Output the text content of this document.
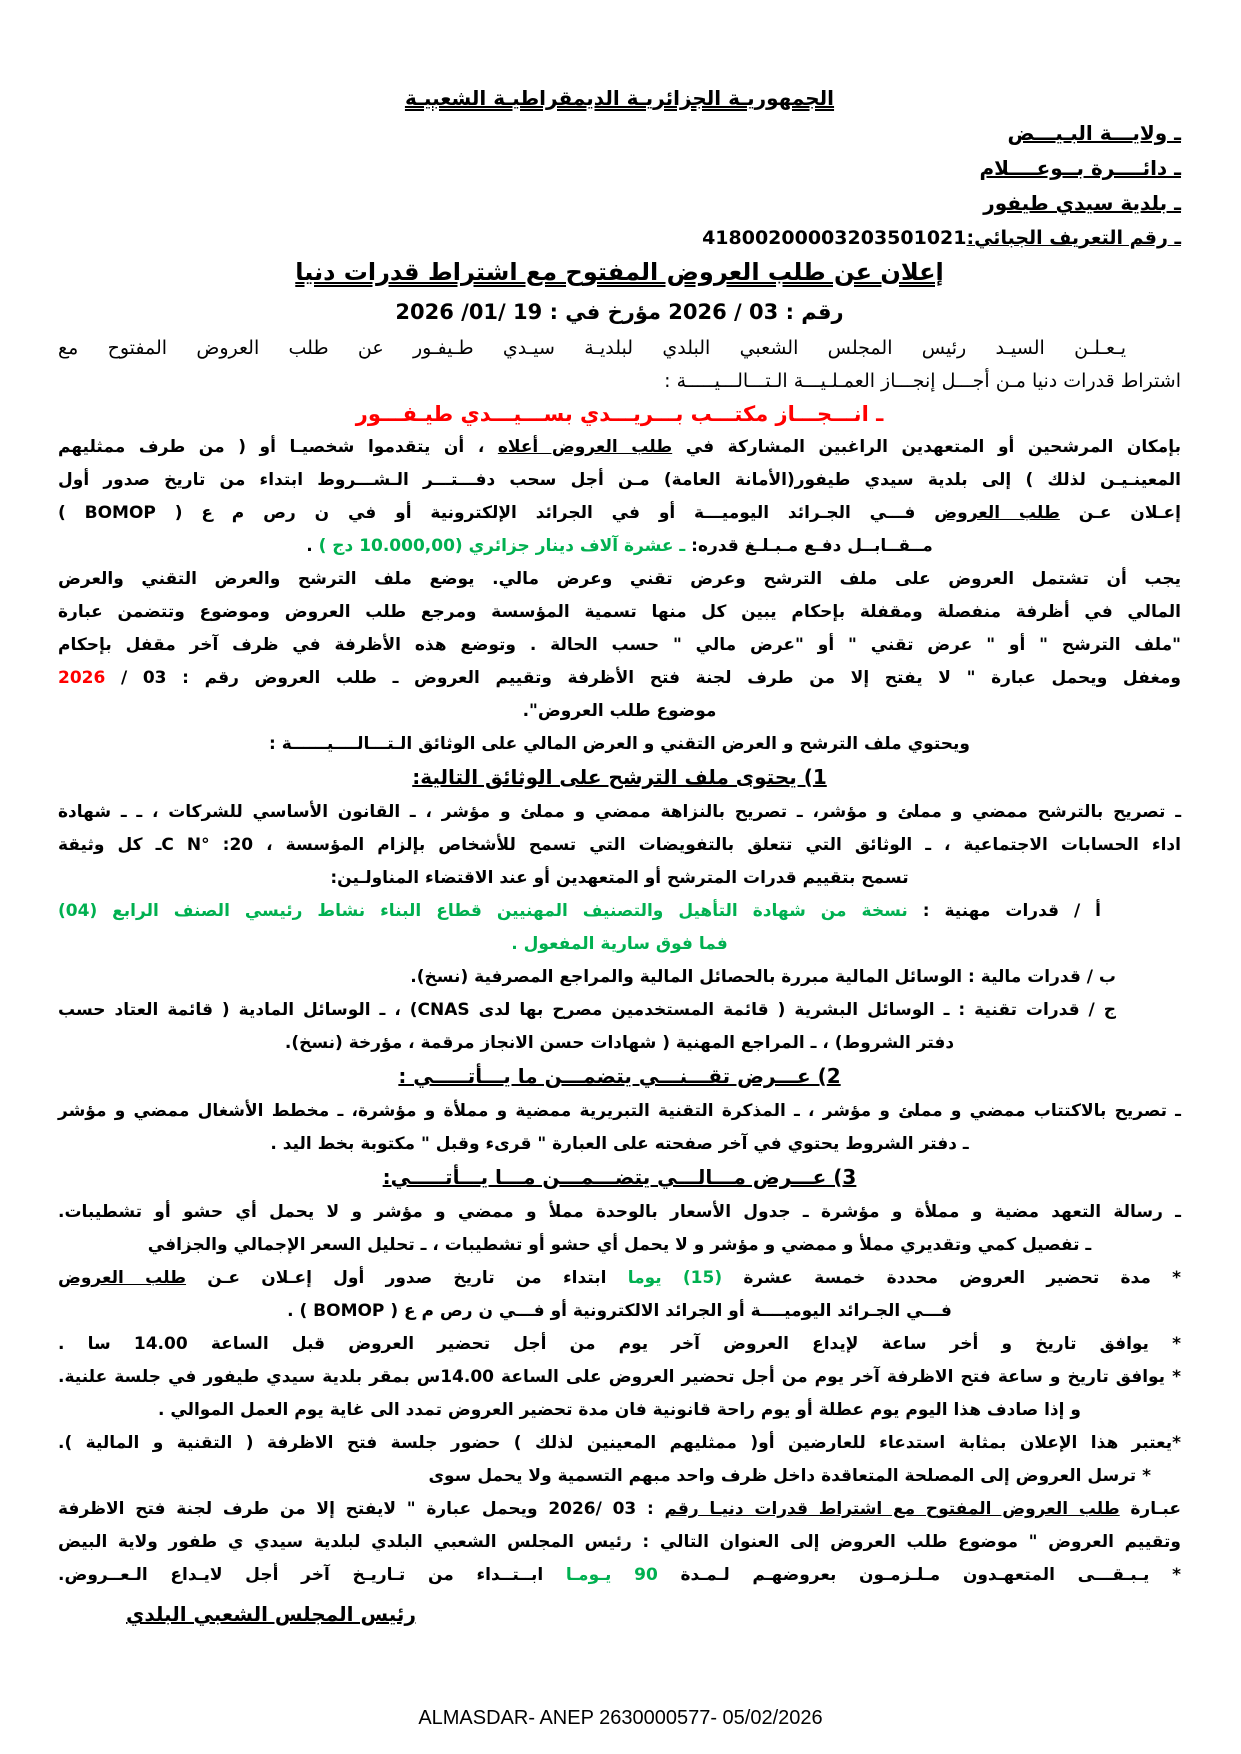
الجمهوريـة الجزائريـة الديمقراطيـة الشعبيـة
ـ ولايـــة البـيـــض
ـ دائــــرة بــوعــــلام
ـ بلدية سيدي طيفور
ـ رقم التعريف الجبائي:41800200003203501021
إعلان عن طلب العروض المفتوح مع اشتراط قدرات دنيا
رقم : 03 / 2026 مؤرخ في : 19 /01/ 2026
يـعـلـن السيـد رئيس المجلس الشعبي البلدي لبلديـة سيـدي طـيفـور عن طلب العروض المفتوح مع
اشتراط قدرات دنيا مـن أجـــل إنجـــاز العمـلـيـــة الـتـــالـــيـــــة :
ـ انـــجـــاز مكتـــب بـــريـــدي بســـيـــدي طيـفـــور
بإمكان المرشحين أو المتعهدين الراغبين المشاركة في طلب العروض أعلاه ، أن يتقدموا شخصيـا أو ( من طرف ممثليهم
المعينـيـن لذلك ) إلى بلدية سيدي طيفور(الأمانة العامة) مـن أجل سحب دفـــتـــر الـشـــروط ابتداء من تاريخ صدور أول
إعـلان عـن طلب العروض فـــي الجـرائد اليوميـــة أو في الجرائد الإلكترونية أو في ن رص م ع ( BOMOP )
مــقــابــل دفـع مـبـلـغ قدره: ـ عشرة آلاف دينار جزائري (10.000,00 دج ) .
يجب أن تشتمل العروض على ملف الترشح وعرض تقني وعرض مالي. يوضع ملف الترشح والعرض التقني والعرض
المالي في أظرفة منفصلة ومقفلة بإحكام يبين كل منها تسمية المؤسسة ومرجع طلب العروض وموضوع وتتضمن عبارة
"ملف الترشح " أو " عرض تقني " أو "عرض مالي " حسب الحالة . وتوضع هذه الأظرفة في ظرف آخر مقفل بإحكام
ومغفل ويحمل عبارة " لا يفتح إلا من طرف لجنة فتح الأظرفة وتقييم العروض ـ طلب العروض رقم : 03 / 2026
موضوع طلب العروض".
ويحتوي ملف الترشح و العرض التقني و العرض المالي على الوثائق الـتـــالــــيــــــة :
1) يحتوى ملف الترشح على الوثائق التالية:
ـ تصريح بالترشح ممضي و مملئ و مؤشر، ـ تصريح بالنزاهة ممضي و مملئ و مؤشر ، ـ القانون الأساسي للشركات ، ـ ـ شهادة
اداء الحسابات الاجتماعية ، ـ الوثائق التي تتعلق بالتفويضات التي تسمح للأشخاص بإلزام المؤسسة ، C N° :20ـ كل وثيقة
تسمح بتقييم قدرات المترشح أو المتعهدين أو عند الاقتضاء المناولـين:
أ / قدرات مهنية : نسخة من شهادة التأهيل والتصنيف المهنيين قطاع البناء نشاط رئيسي الصنف الرابع (04)
فما فوق سارية المفعول .
ب / قدرات مالية : الوسائل المالية مبررة بالحصائل المالية والمراجع المصرفية (نسخ).
ج / قدرات تقنية : ـ الوسائل البشرية ( قائمة المستخدمين مصرح بها لدى CNAS) ، ـ الوسائل المادية ( قائمة العتاد حسب
دفتر الشروط) ، ـ المراجع المهنية ( شهادات حسن الانجاز مرقمة ، مؤرخة (نسخ).
2) عـــرض تقـــنـــي يتضمـــن ما يـــأتـــــي :
ـ تصريح بالاكتتاب ممضي و مملئ و مؤشر ، ـ المذكرة التقنية التبريرية ممضية و مملأة و مؤشرة، ـ مخطط الأشغال ممضي و مؤشر
ـ دفتر الشروط يحتوي في آخر صفحته على العبارة " قرىء وقبل " مكتوبة بخط اليد .
3) عـــرض مـــالـــي يتضـــمـــن مـــا يـــأتـــــي:
ـ رسالة التعهد مضية و مملأة و مؤشرة ـ جدول الأسعار بالوحدة مملأ و ممضي و مؤشر و لا يحمل أي حشو أو تشطيبات.
ـ تفصيل كمي وتقديري مملأ و ممضي و مؤشر و لا يحمل أي حشو أو تشطيبات ، ـ تحليل السعر الإجمالي والجزافي
* مدة تحضير العروض محددة خمسة عشرة (15) يوما ابتداء من تاريخ صدور أول إعـلان عـن طلب العروض
فـــي الجـرائد اليوميــــة أو الجرائد الالكترونية أو فـــي ن رص م ع ( BOMOP ) .
* يوافق تاريخ و أخر ساعة لإيداع العروض آخر يوم من أجل تحضير العروض قبل الساعة 14.00 سا .
* يوافق تاريخ و ساعة فتح الاظرفة آخر يوم من أجل تحضير العروض على الساعة 14.00س بمقر بلدية سيدي طيفور في جلسة علنية.
و إذا صادف هذا اليوم يوم عطلة أو يوم راحة قانونية فان مدة تحضير العروض تمدد الى غاية يوم العمل الموالي .
*يعتبر هذا الإعلان بمثابة استدعاء للعارضين أو( ممثليهم المعينين لذلك ) حضور جلسة فتح الاظرفة ( التقنية و المالية ).
* ترسل العروض إلى المصلحة المتعاقدة داخل ظرف واحد مبهم التسمية ولا يحمل سوى
عبـارة طلب العروض المفتوح مع اشتراط قدرات دنيـا رقم : 03 /2026 ويحمل عبارة " لايفتح إلا من طرف لجنة فتح الاظرفة
وتقييم العروض " موضوع طلب العروض إلى العنوان التالي : رئيس المجلس الشعبي البلدي لبلدية سيدي ي طفور ولاية البيض
* يـبـقـــى المتعهـدون مـلـزمـون بعروضهـم لـمـدة 90 يـومـا ابــتــداء من تـاريـخ آخر أجل لايـداع الـعــروض.
رئيس المجلس الشعبي البلدي
ALMASDAR- ANEP 2630000577- 05/02/2026
